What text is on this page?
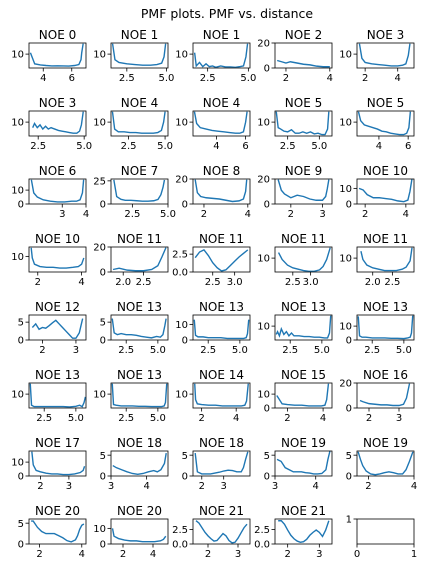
PMF plots. PMF vs. distance
NOE 0
4 6
10
NOE 1
2.5 5.0
10
NOE 1
2.5 5.0
10
NOE 2
2	4
0
20
NOE 3
2	4
10
NOE 3
2.5	5.0
10
NOE 4
2.5 5.0
10
NOE 4
4 6
10
NOE 5
2.5 5.0
10
NOE 5
4 6
10
NOE 6
3 4
0
10
NOE 7
2.5 5.0
0
25
NOE 8
2	4
0
20
NOE 9
2	3
0
20
NOE 10
2	4
0
10
NOE 10
2	4
10
NOE 11
2.0 2.5
0
20
NOE 11
2.5 3.0
0.0
2.5
NOE 11
2.5 3.0
10
NOE 11
2.0 2.5
10
NOE 12
2	3
0
5
NOE 13
2.5 5.0
0
5
NOE 13
2.5 5.0
0
10
NOE 13
2.5 5.0
10
NOE 13
2.5 5.0
0
10
NOE 13
2.5 5.0
10
NOE 13
2.5 5.0
10
NOE 14
2	4
10
NOE 15
2	4
0
10
NOE 16
2 3
0
20
NOE 17
2 3
0
10
NOE 18
3	4
0
5
NOE 18
2 3
0
5
NOE 19
3	4
0
5
NOE 19
2	4
0
5
NOE 20
2	4
0
5
NOE 20
2 4
0
10
NOE 21
2 3
0.0
2.5
NOE 21
2	3
0.0
2.5
0	1
1
